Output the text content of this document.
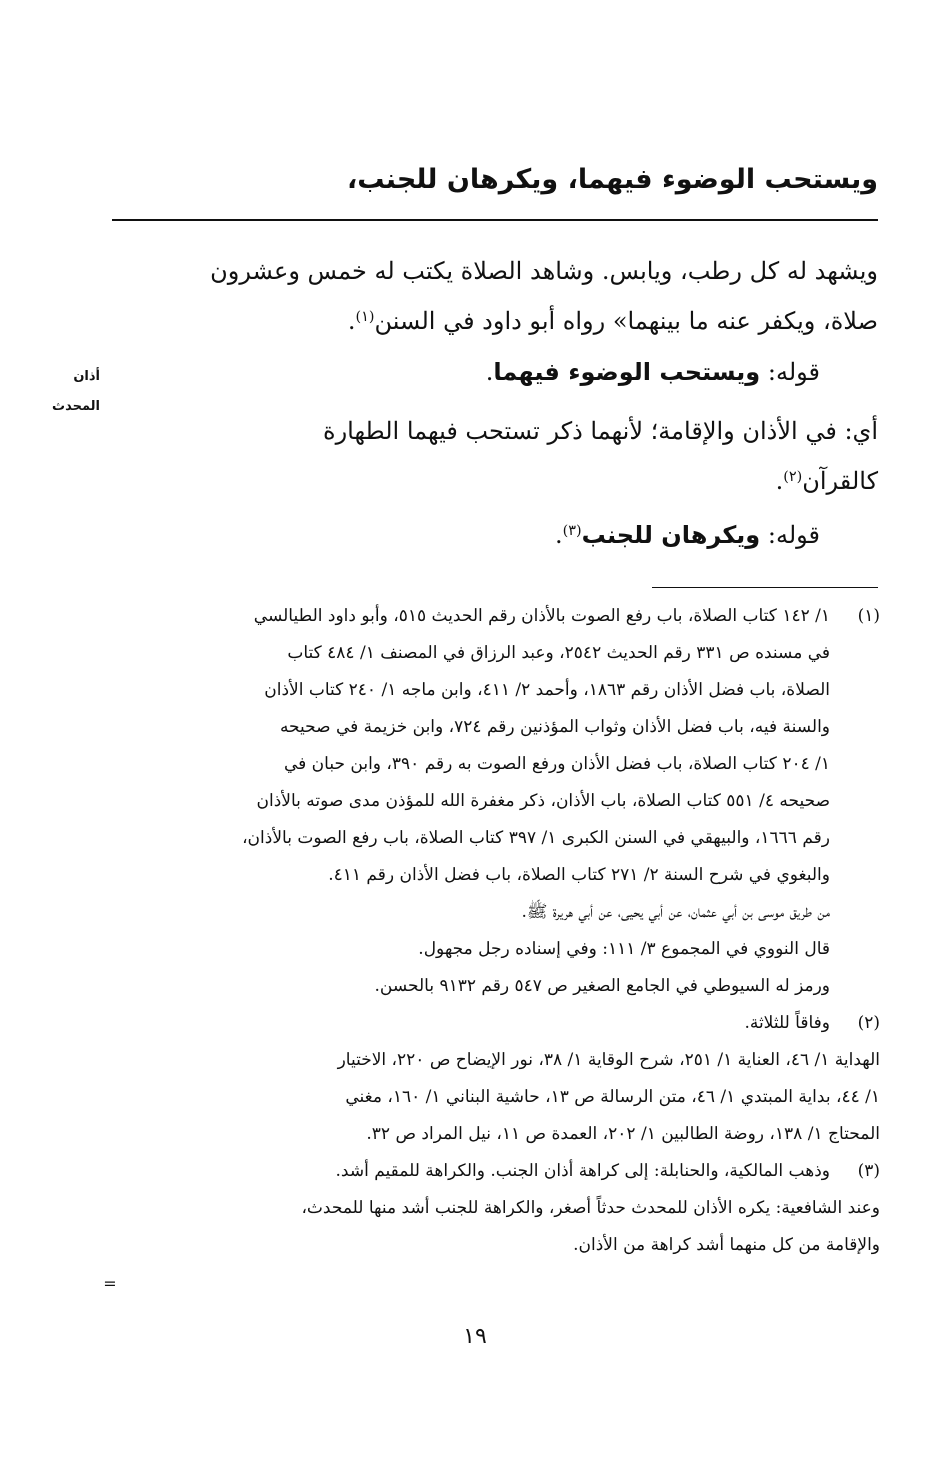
ويستحب الوضوء فيهما، ويكرهان للجنب،

ويشهد له كل رطب، ويابس. وشاهد الصلاة يكتب له خمس وعشرون

صلاة، ويكفر عنه ما بينهما» رواه أبو داود في السنن$^{(١)}$.

أذان
المحدث
قوله: ويستحب الوضوء فيهما.

أي: في الأذان والإقامة؛ لأنهما ذكر تستحب فيهما الطهارة

كالقرآن$^{(٢)}$.

قوله: ويكرهان للجنب$^{(٣)}$.
(١)

١/ ١٤٢ كتاب الصلاة، باب رفع الصوت بالأذان رقم الحديث ٥١٥، وأبو داود الطيالسي

في مسنده ص ٣٣١ رقم الحديث ٢٥٤٢، وعبد الرزاق في المصنف ١/ ٤٨٤ كتاب

الصلاة، باب فضل الأذان رقم ١٨٦٣، وأحمد ٢/ ٤١١، وابن ماجه ١/ ٢٤٠ كتاب الأذان

والسنة فيه، باب فضل الأذان وثواب المؤذنين رقم ٧٢٤، وابن خزيمة في صحيحه

١/ ٢٠٤ كتاب الصلاة، باب فضل الأذان ورفع الصوت به رقم ٣٩٠، وابن حبان في

صحيحه ٤/ ٥٥١ كتاب الصلاة، باب الأذان، ذكر مغفرة الله للمؤذن مدى صوته بالأذان

رقم ١٦٦٦، والبيهقي في السنن الكبرى ١/ ٣٩٧ كتاب الصلاة، باب رفع الصوت بالأذان،

والبغوي في شرح السنة ٢/ ٢٧١ كتاب الصلاة، باب فضل الأذان رقم ٤١١.

من طريق موسى بن أبي عثمان، عن أبي يحيى، عن أبي هريرة ﷺ.

قال النووي في المجموع ٣/ ١١١: وفي إسناده رجل مجهول.

ورمز له السيوطي في الجامع الصغير ص ٥٤٧ رقم ٩١٣٢ بالحسن.

(٢)
وفاقاً للثلاثة.

الهداية ١/ ٤٦، العناية ١/ ٢٥١، شرح الوقاية ١/ ٣٨، نور الإيضاح ص ٢٢٠، الاختيار

١/ ٤٤، بداية المبتدي ١/ ٤٦، متن الرسالة ص ١٣، حاشية البناني ١/ ١٦٠، مغني

المحتاج ١/ ١٣٨، روضة الطالبين ١/ ٢٠٢، العمدة ص ١١، نيل المراد ص ٣٢.

(٣)
وذهب المالكية، والحنابلة: إلى كراهة أذان الجنب. والكراهة للمقيم أشد.

وعند الشافعية: يكره الأذان للمحدث حدثاً أصغر، والكراهة للجنب أشد منها للمحدث،

والإقامة من كل منهما أشد كراهة من الأذان.

=
١٩
